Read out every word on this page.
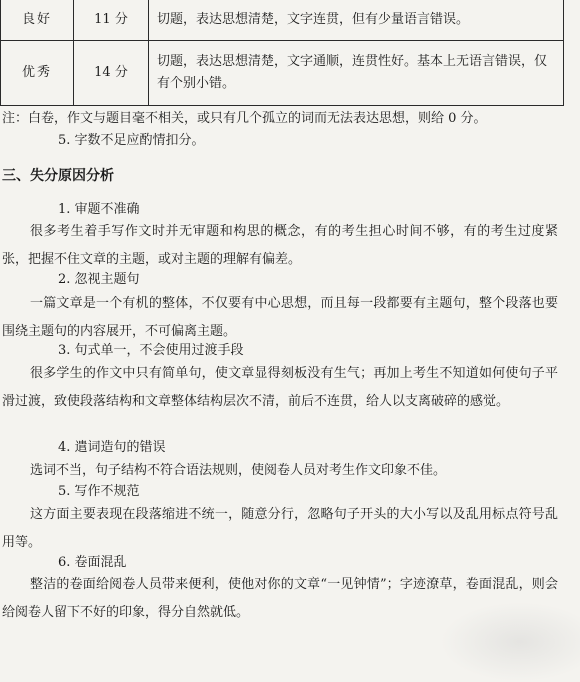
良好	11 分	切题，表达思想清楚，文字连贯，但有少量语言错误。
优秀	14 分	切题，表达思想清楚，文字通顺，连贯性好。基本上无语言错误，仅有个别小错。
注：白卷，作文与题目毫不相关，或只有几个孤立的词而无法表达思想，则给 0 分。
5. 字数不足应酌情扣分。
三、失分原因分析
1. 审题不准确
很多考生着手写作文时并无审题和构思的概念，有的考生担心时间不够，有的考生过度紧张，把握不住文章的主题，或对主题的理解有偏差。
2. 忽视主题句
一篇文章是一个有机的整体，不仅要有中心思想，而且每一段都要有主题句，整个段落也要围绕主题句的内容展开，不可偏离主题。
3. 句式单一，不会使用过渡手段
很多学生的作文中只有简单句，使文章显得刻板没有生气；再加上考生不知道如何使句子平滑过渡，致使段落结构和文章整体结构层次不清，前后不连贯，给人以支离破碎的感觉。
4. 遣词造句的错误
选词不当，句子结构不符合语法规则，使阅卷人员对考生作文印象不佳。
5. 写作不规范
这方面主要表现在段落缩进不统一，随意分行，忽略句子开头的大小写以及乱用标点符号乱用等。
6. 卷面混乱
整洁的卷面给阅卷人员带来便利，使他对你的文章“一见钟情”；字迹潦草，卷面混乱，则会给阅卷人留下不好的印象，得分自然就低。
